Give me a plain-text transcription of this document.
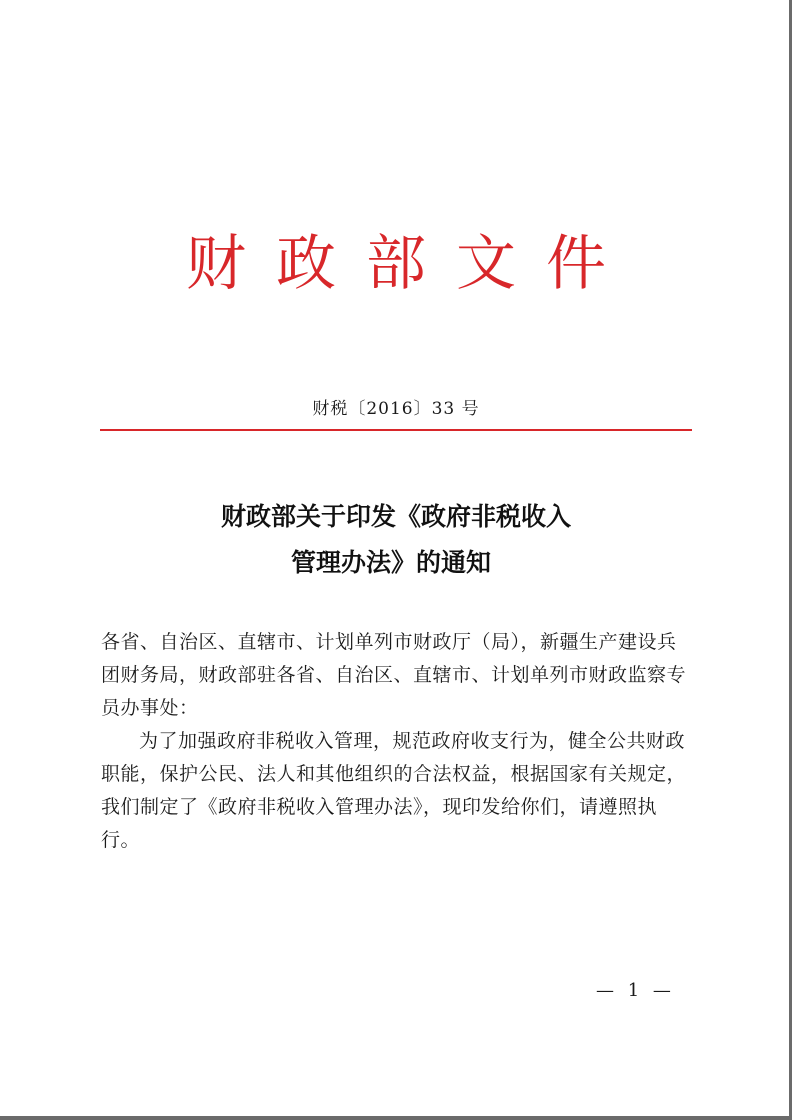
财政部文件
财税〔2016〕33 号
财政部关于印发《政府非税收入
管理办法》的通知

各省、自治区、直辖市、计划单列市财政厅（局），新疆生产建设兵团财务局，财政部驻各省、自治区、直辖市、计划单列市财政监察专员办事处：

为了加强政府非税收入管理，规范政府收支行为，健全公共财政职能，保护公民、法人和其他组织的合法权益，根据国家有关规定，我们制定了《政府非税收入管理办法》，现印发给你们，请遵照执行。

— 1 —
